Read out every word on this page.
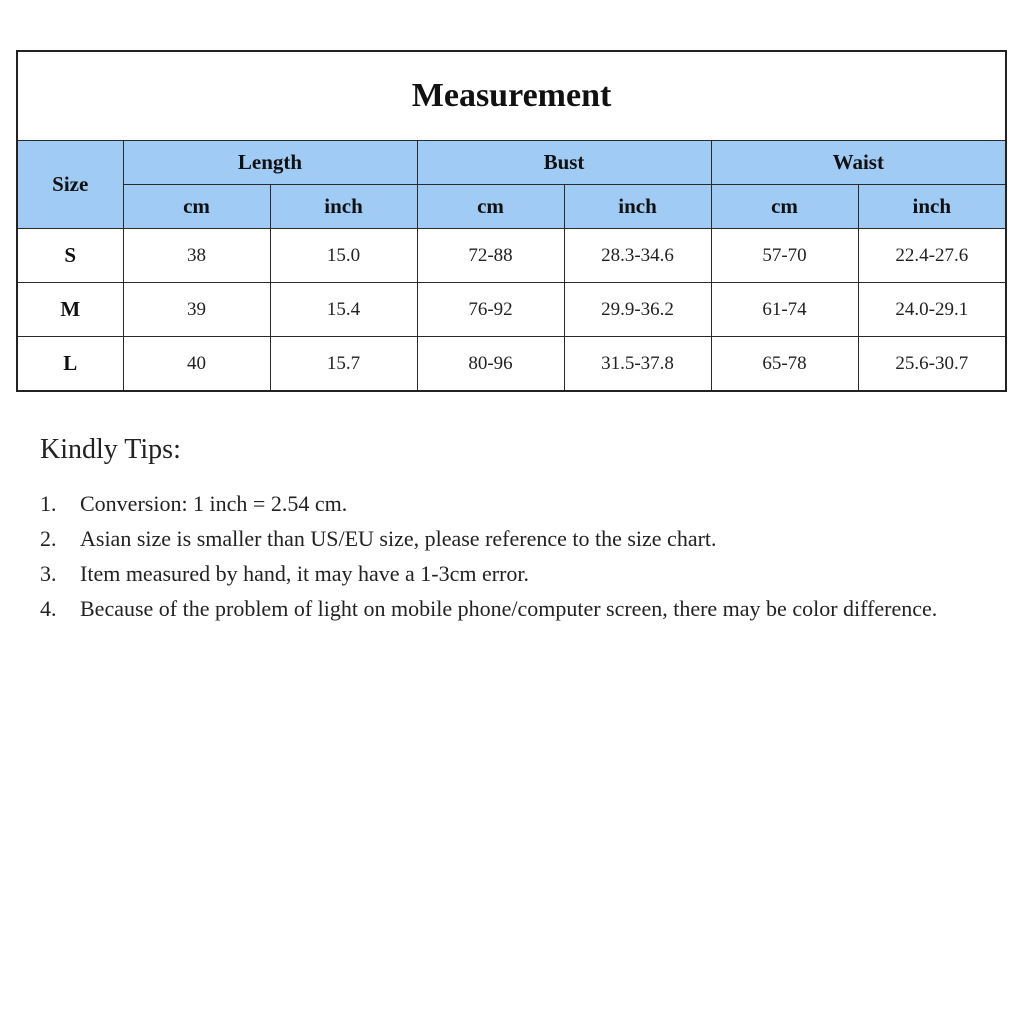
Measurement						
Size	Length		Bust		Waist	
	cm	inch	cm	inch	cm	inch
S	38	15.0	72-88	28.3-34.6	57-70	22.4-27.6
M	39	15.4	76-92	29.9-36.2	61-74	24.0-29.1
L	40	15.7	80-96	31.5-37.8	65-78	25.6-30.7
Kindly Tips:
1.	Conversion: 1 inch = 2.54 cm.
2.	Asian size is smaller than US/EU size, please reference to the size chart.
3.	Item measured by hand, it may have a 1-3cm error.
4.	Because of the problem of light on mobile phone/computer screen, there may be color difference.
